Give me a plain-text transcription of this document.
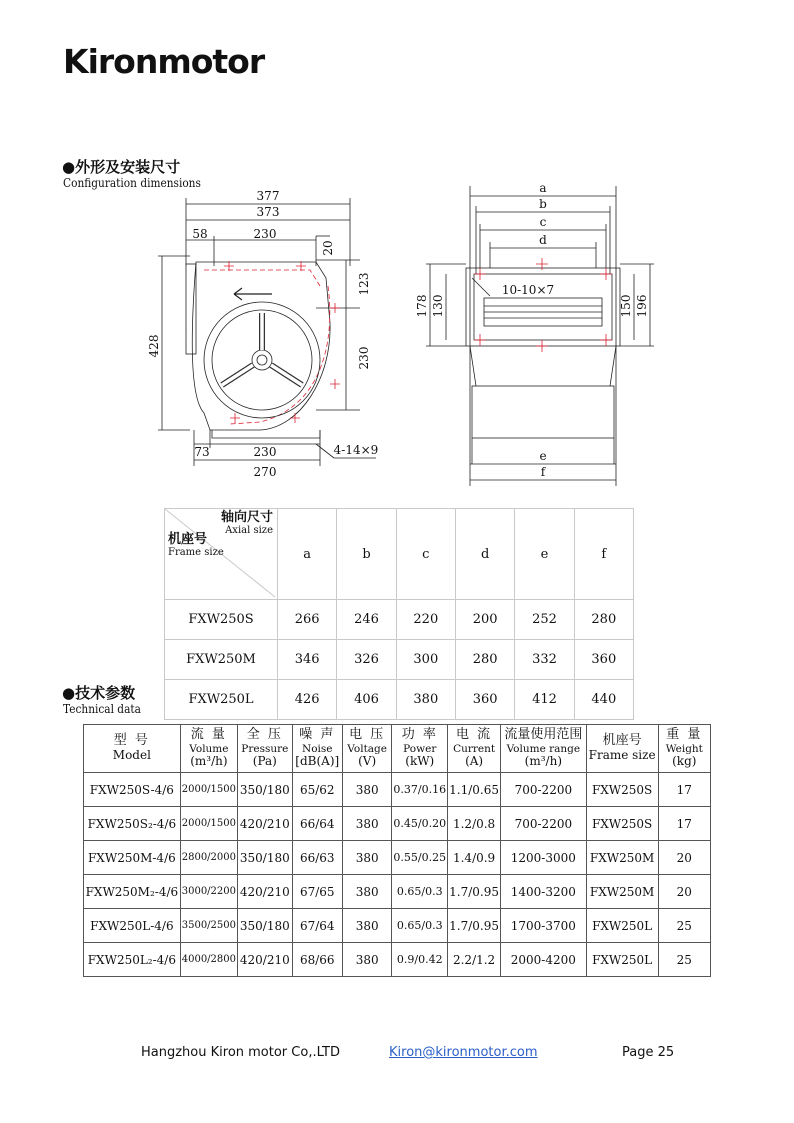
Kironmotor
●外形及安装尺寸
Configuration dimensions
377
373
58	230
20
123
428
230
73	230
270
4-14×9
a
b
c
d
e
f
10-10×7
178 130	150 196
轴向尺寸
Axial size
机座号
Frame size	a	b	c	d	e	f
FXW250S	266	246	220	200	252	280
FXW250M	346	326	300	280	332	360
FXW250L	426	406	380	360	412	440
●技术参数
Technical data
型 号
Model	流 量
Volume
(m³/h)	全 压
Pressure
(Pa)	噪 声
Noise
[dB(A)]	电 压
Voltage
(V)	功 率
Power
(kW)	电 流
Current
(A)	流量使用范围
Volume range
(m³/h)	机座号
Frame size	重 量
Weight
(kg)

FXW250S-4/6	2000/1500	350/180	65/62	380	0.37/0.16	1.1/0.65	700-2200	FXW250S	17
FXW250S₂-4/6	2000/1500	420/210	66/64	380	0.45/0.20	1.2/0.8	700-2200	FXW250S	17
FXW250M-4/6	2800/2000	350/180	66/63	380	0.55/0.25	1.4/0.9	1200-3000	FXW250M	20
FXW250M₂-4/6	3000/2200	420/210	67/65	380	0.65/0.3	1.7/0.95	1400-3200	FXW250M	20
FXW250L-4/6	3500/2500	350/180	67/64	380	0.65/0.3	1.7/0.95	1700-3700	FXW250L	25
FXW250L₂-4/6	4000/2800	420/210	68/66	380	0.9/0.42	2.2/1.2	2000-4200	FXW250L	25
Hangzhou Kiron motor Co,.LTD	Kiron@kironmotor.com	Page 25
